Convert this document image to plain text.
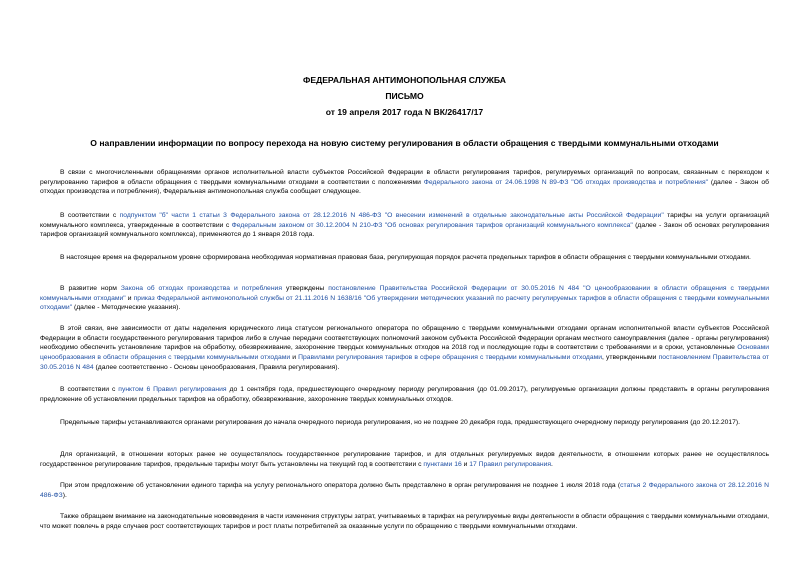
ФЕДЕРАЛЬНАЯ АНТИМОНОПОЛЬНАЯ СЛУЖБА

ПИСЬМО

от 19 апреля 2017 года N ВК/26417/17

О направлении информации по вопросу перехода на новую систему регулирования в области обращения с твердыми коммунальными отходами

В связи с многочисленными обращениями органов исполнительной власти субъектов Российской Федерации в области регулирования тарифов, регулируемых организаций по вопросам, связанным с переходом к регулированию тарифов в области обращения с твердыми коммунальными отходами в соответствии с положениями Федерального закона от 24.06.1998 N 89-ФЗ "Об отходах производства и потребления" (далее - Закон об отходах производства и потребления), Федеральная антимонопольная служба сообщает следующее.

В соответствии с подпунктом "б" части 1 статьи 3 Федерального закона от 28.12.2016 N 486-ФЗ "О внесении изменений в отдельные законодательные акты Российской Федерации" тарифы на услуги организаций коммунального комплекса, утвержденные в соответствии с Федеральным законом от 30.12.2004 N 210-ФЗ "Об основах регулирования тарифов организаций коммунального комплекса" (далее - Закон об основах регулирования тарифов организаций коммунального комплекса), применяются до 1 января 2018 года.

В настоящее время на федеральном уровне сформирована необходимая нормативная правовая база, регулирующая порядок расчета предельных тарифов в области обращения с твердыми коммунальными отходами.

В развитие норм Закона об отходах производства и потребления утверждены постановление Правительства Российской Федерации от 30.05.2016 N 484 "О ценообразовании в области обращения с твердыми коммунальными отходами" и приказ Федеральной антимонопольной службы от 21.11.2016 N 1638/16 "Об утверждении методических указаний по расчету регулируемых тарифов в области обращения с твердыми коммунальными отходами" (далее - Методические указания).

В этой связи, вне зависимости от даты наделения юридического лица статусом регионального оператора по обращению с твердыми коммунальными отходами органам исполнительной власти субъектов Российской Федерации в области государственного регулирования тарифов либо в случае передачи соответствующих полномочий законом субъекта Российской Федерации органам местного самоуправления (далее - органы регулирования) необходимо обеспечить установление тарифов на обработку, обезвреживание, захоронение твердых коммунальных отходов на 2018 год и последующие годы в соответствии с требованиями и в сроки, установленные Основами ценообразования в области обращения с твердыми коммунальными отходами и Правилами регулирования тарифов в сфере обращения с твердыми коммунальными отходами, утвержденными постановлением Правительства от 30.05.2016 N 484 (далее соответственно - Основы ценообразования, Правила регулирования).

В соответствии с пунктом 6 Правил регулирования до 1 сентября года, предшествующего очередному периоду регулирования (до 01.09.2017), регулируемые организации должны представить в органы регулирования предложение об установлении предельных тарифов на обработку, обезвреживание, захоронение твердых коммунальных отходов.

Предельные тарифы устанавливаются органами регулирования до начала очередного периода регулирования, но не позднее 20 декабря года, предшествующего очередному периоду регулирования (до 20.12.2017).

Для организаций, в отношении которых ранее не осуществлялось государственное регулирование тарифов, и для отдельных регулируемых видов деятельности, в отношении которых ранее не осуществлялось государственное регулирование тарифов, предельные тарифы могут быть установлены на текущий год в соответствии с пунктами 16 и 17 Правил регулирования.

При этом предложение об установлении единого тарифа на услугу регионального оператора должно быть представлено в орган регулирования не позднее 1 июля 2018 года (статья 2 Федерального закона от 28.12.2016 N 486-ФЗ).

Также обращаем внимание на законодательные нововведения в части изменения структуры затрат, учитываемых в тарифах на регулируемые виды деятельности в области обращения с твердыми коммунальными отходами, что может повлечь в ряде случаев рост соответствующих тарифов и рост платы потребителей за оказанные услуги по обращению с твердыми коммунальными отходами.
